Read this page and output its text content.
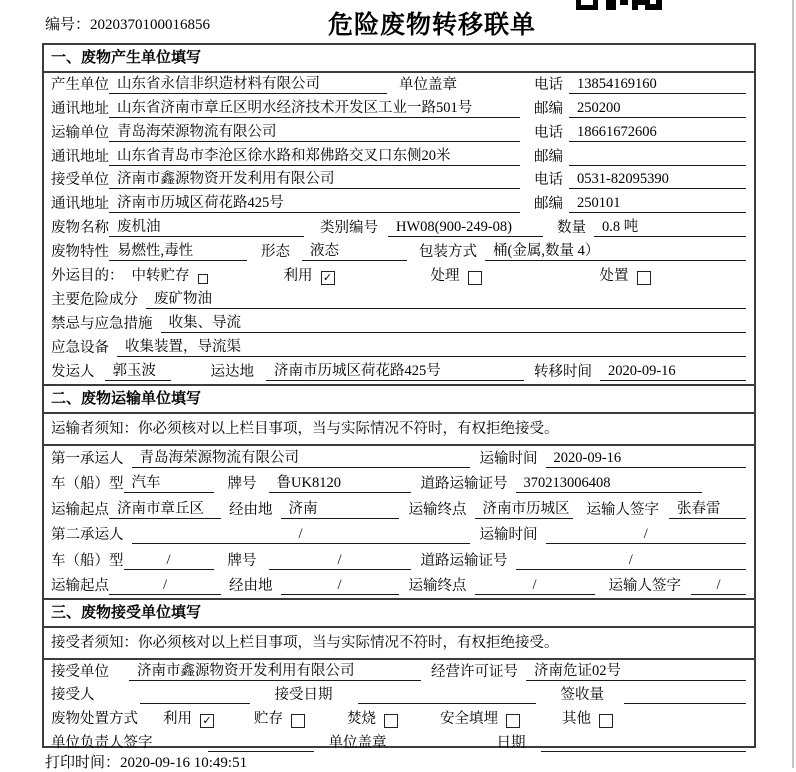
编号：2020370100016856	危险废物转移联单
一、废物产生单位填写
产生单位 山东省永信非织造材料有限公司	单位盖章	电话 13854169160
通讯地址 山东省济南市章丘区明水经济技术开发区工业一路501号	邮编 250200
运输单位 青岛海荣源物流有限公司	电话 18661672606
通讯地址 山东省青岛市李沧区徐水路和郑佛路交叉口东侧20米	邮编
接受单位 济南市鑫源物资开发利用有限公司	电话 0531-82095390
通讯地址 济南市历城区荷花路425号	邮编 250101
废物名称 废机油	类别编号	HW08(900-249-08)	数量	0.8 吨
废物特性 易燃性,毒性	形态	液态	包装方式	桶(金属,数量 4）
外运目的： 中转贮存	利用 ✓	处理	处置
主要危险成分	废矿物油
禁忌与应急措施	收集、导流
应急设备	收集装置，导流渠
发运人	郭玉波	运达地	济南市历城区荷花路425号	转移时间	2020-09-16
二、废物运输单位填写
运输者须知：你必须核对以上栏目事项，当与实际情况不符时，有权拒绝接受。
第一承运人	青岛海荣源物流有限公司	运输时间	2020-09-16
车（船）型 汽车	牌号	鲁UK8120	道路运输证号	370213006408
运输起点 济南市章丘区	经由地	济南	运输终点	济南市历城区 运输人签字	张春雷
第二承运人	/	运输时间	/
车（船）型	/	牌号	/	道路运输证号	/
运输起点	/	经由地	/	运输终点	/	运输人签字	/
三、废物接受单位填写
接受者须知：你必须核对以上栏目事项，当与实际情况不符时，有权拒绝接受。
接受单位	济南市鑫源物资开发利用有限公司	经营许可证号	济南危证02号
接受人	接受日期	签收量
废物处置方式 利用 ✓	贮存	焚烧	安全填埋	其他
单位负责人签字	单位盖章	日期
打印时间：2020-09-16 10:49:51
